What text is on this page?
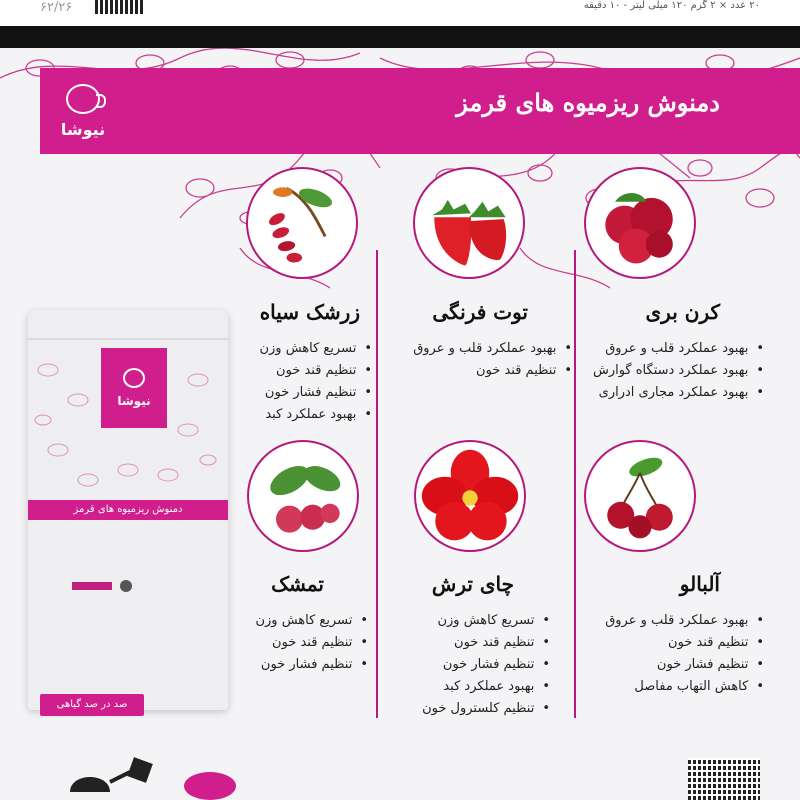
۶۲/۲۶	۲۰ عدد × ۲ گرم ۱۲۰ میلی لیتر - ۱۰ دقیقه
نیوشا
دمنوش ریزمیوه های قرمز
کرن بری
توت فرنگی
زرشک سیاه
• بهبود عملکرد قلب و عروق
• بهبود عملکرد دستگاه گوارش
• بهبود عملکرد مجاری ادراری
• بهبود عملکرد قلب و عروق
• تنظیم قند خون
• تسریع کاهش وزن
• تنظیم قند خون
• تنظیم فشار خون
• بهبود عملکرد کبد
آلبالو
چای ترش
تمشک
• بهبود عملکرد قلب و عروق
• تنظیم قند خون
• تنظیم فشار خون
• کاهش التهاب مفاصل
• تسریع کاهش وزن
• تنظیم قند خون
• تنظیم فشار خون
• بهبود عملکرد کبد
• تنظیم کلسترول خون
• تسریع کاهش وزن
• تنظیم قند خون
• تنظیم فشار خون
نیوشا
دمنوش ریزمیوه های قرمز
صد در صد گیاهی
